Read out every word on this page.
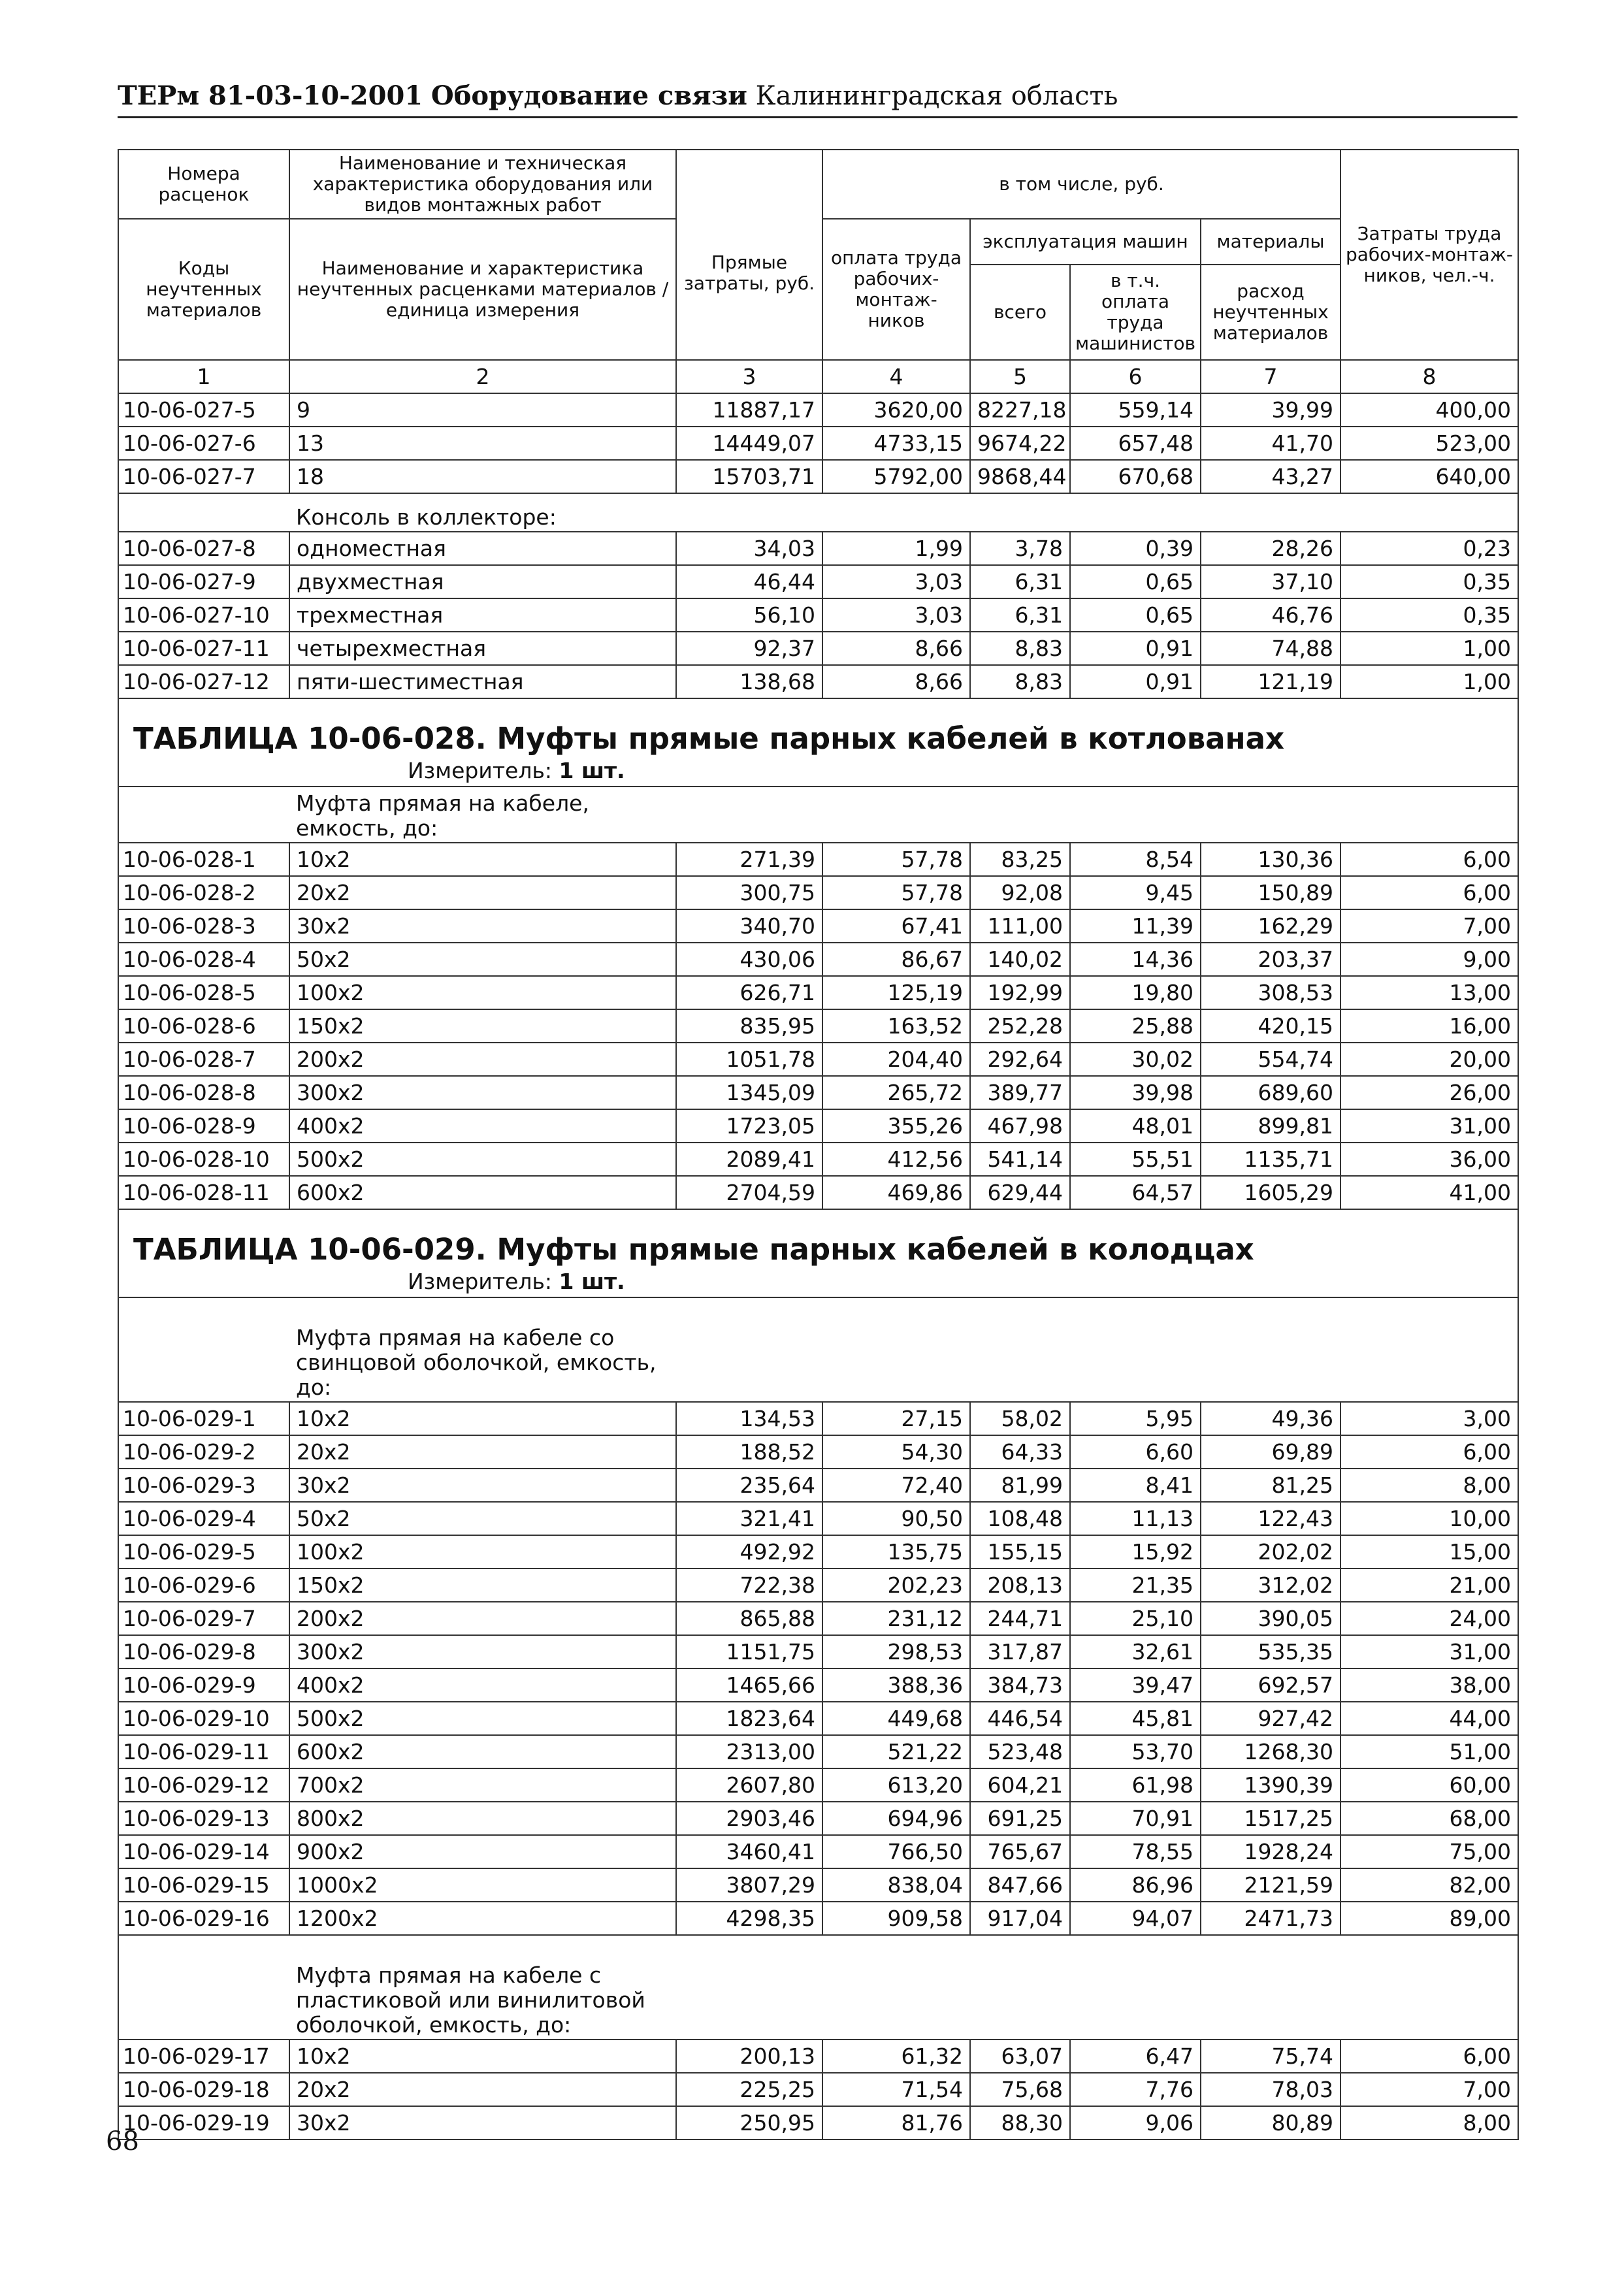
ТЕРм 81-03-10-2001 Оборудование связи Калининградская область
Номера расценок	Наименование и техническая характеристика оборудования или видов монтажных работ	Прямые затраты, руб.	в том числе, руб.				Затраты труда рабочих-монтаж-ников, чел.-ч.
Коды неучтенных материалов	Наименование и характеристика неучтенных расценками материалов / единица измерения		оплата труда рабочих-монтаж-ников	эксплуатация машин		материалы	
				всего	в т.ч. оплата труда машинистов	расход неучтенных материалов	
1	2	3	4	5	6	7	8
10-06-027-5	9	11887,17	3620,00	8227,18	559,14	39,99	400,00
10-06-027-6	13	14449,07	4733,15	9674,22	657,48	41,70	523,00
10-06-027-7	18	15703,71	5792,00	9868,44	670,68	43,27	640,00
	Консоль в коллекторе:						
10-06-027-8	одноместная	34,03	1,99	3,78	0,39	28,26	0,23
10-06-027-9	двухместная	46,44	3,03	6,31	0,65	37,10	0,35
10-06-027-10	трехместная	56,10	3,03	6,31	0,65	46,76	0,35
10-06-027-11	четырехместная	92,37	8,66	8,83	0,91	74,88	1,00
10-06-027-12	пяти-шестиместная	138,68	8,66	8,83	0,91	121,19	1,00
ТАБЛИЦА 10-06-028. Муфты прямые парных кабелей в котлованах							
Измеритель: 1 шт.							
	Муфта прямая на кабеле, емкость, до:						
10-06-028-1	10x2	271,39	57,78	83,25	8,54	130,36	6,00
10-06-028-2	20x2	300,75	57,78	92,08	9,45	150,89	6,00
10-06-028-3	30x2	340,70	67,41	111,00	11,39	162,29	7,00
10-06-028-4	50x2	430,06	86,67	140,02	14,36	203,37	9,00
10-06-028-5	100x2	626,71	125,19	192,99	19,80	308,53	13,00
10-06-028-6	150x2	835,95	163,52	252,28	25,88	420,15	16,00
10-06-028-7	200x2	1051,78	204,40	292,64	30,02	554,74	20,00
10-06-028-8	300x2	1345,09	265,72	389,77	39,98	689,60	26,00
10-06-028-9	400x2	1723,05	355,26	467,98	48,01	899,81	31,00
10-06-028-10	500x2	2089,41	412,56	541,14	55,51	1135,71	36,00
10-06-028-11	600x2	2704,59	469,86	629,44	64,57	1605,29	41,00
ТАБЛИЦА 10-06-029. Муфты прямые парных кабелей в колодцах							
Измеритель: 1 шт.							
	Муфта прямая на кабеле со свинцовой оболочкой, емкость, до:						
10-06-029-1	10x2	134,53	27,15	58,02	5,95	49,36	3,00
10-06-029-2	20x2	188,52	54,30	64,33	6,60	69,89	6,00
10-06-029-3	30x2	235,64	72,40	81,99	8,41	81,25	8,00
10-06-029-4	50x2	321,41	90,50	108,48	11,13	122,43	10,00
10-06-029-5	100x2	492,92	135,75	155,15	15,92	202,02	15,00
10-06-029-6	150x2	722,38	202,23	208,13	21,35	312,02	21,00
10-06-029-7	200x2	865,88	231,12	244,71	25,10	390,05	24,00
10-06-029-8	300x2	1151,75	298,53	317,87	32,61	535,35	31,00
10-06-029-9	400x2	1465,66	388,36	384,73	39,47	692,57	38,00
10-06-029-10	500x2	1823,64	449,68	446,54	45,81	927,42	44,00
10-06-029-11	600x2	2313,00	521,22	523,48	53,70	1268,30	51,00
10-06-029-12	700x2	2607,80	613,20	604,21	61,98	1390,39	60,00
10-06-029-13	800x2	2903,46	694,96	691,25	70,91	1517,25	68,00
10-06-029-14	900x2	3460,41	766,50	765,67	78,55	1928,24	75,00
10-06-029-15	1000x2	3807,29	838,04	847,66	86,96	2121,59	82,00
10-06-029-16	1200x2	4298,35	909,58	917,04	94,07	2471,73	89,00
	Муфта прямая на кабеле с пластиковой или винилитовой оболочкой, емкость, до:						
10-06-029-17	10x2	200,13	61,32	63,07	6,47	75,74	6,00
10-06-029-18	20x2	225,25	71,54	75,68	7,76	78,03	7,00
10-06-029-19	30x2	250,95	81,76	88,30	9,06	80,89	8,00
68
